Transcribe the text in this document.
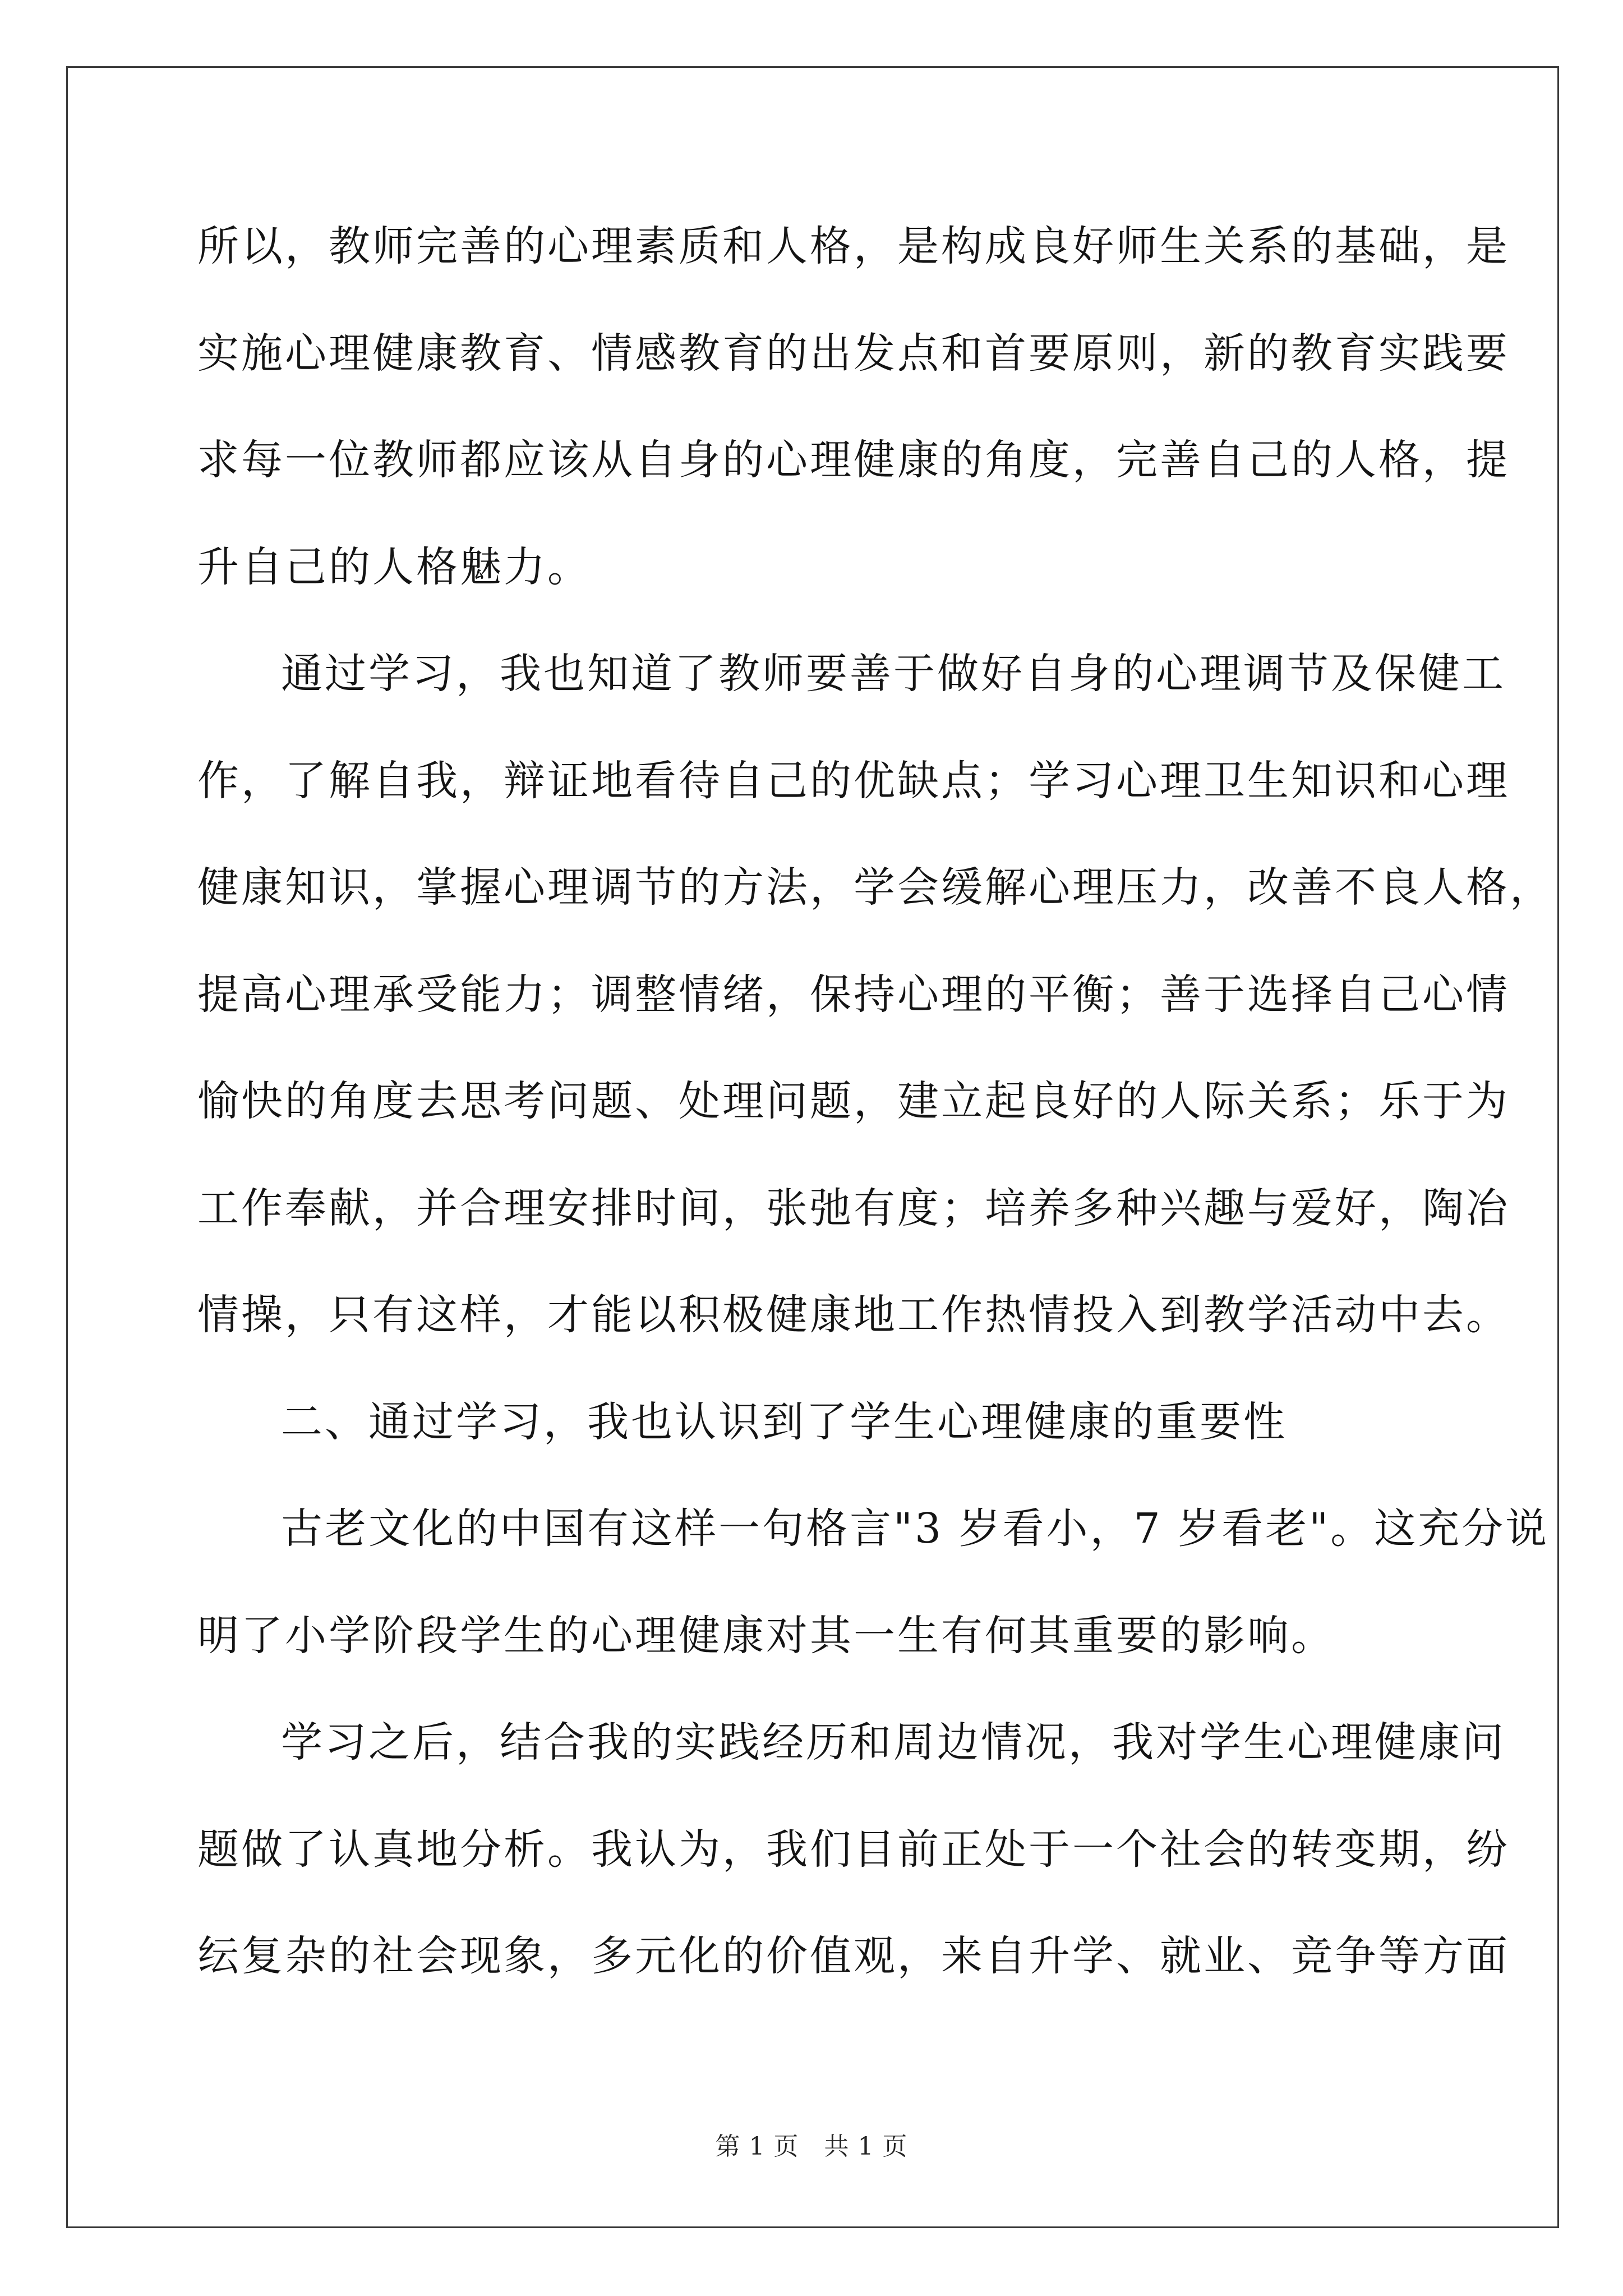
所以，教师完善的心理素质和人格，是构成良好师生关系的基础，是
实施心理健康教育、情感教育的出发点和首要原则，新的教育实践要
求每一位教师都应该从自身的心理健康的角度，完善自己的人格，提
升自己的人格魅力。
通过学习，我也知道了教师要善于做好自身的心理调节及保健工
作，了解自我，辩证地看待自己的优缺点；学习心理卫生知识和心理
健康知识，掌握心理调节的方法，学会缓解心理压力，改善不良人格，
提高心理承受能力；调整情绪，保持心理的平衡；善于选择自己心情
愉快的角度去思考问题、处理问题，建立起良好的人际关系；乐于为
工作奉献，并合理安排时间，张弛有度；培养多种兴趣与爱好，陶冶
情操，只有这样，才能以积极健康地工作热情投入到教学活动中去。
二、通过学习，我也认识到了学生心理健康的重要性
古老文化的中国有这样一句格言"3 岁看小，7 岁看老"。这充分说
明了小学阶段学生的心理健康对其一生有何其重要的影响。
学习之后，结合我的实践经历和周边情况，我对学生心理健康问
题做了认真地分析。我认为，我们目前正处于一个社会的转变期，纷
纭复杂的社会现象，多元化的价值观，来自升学、就业、竞争等方面
第 1 页　共 1 页
